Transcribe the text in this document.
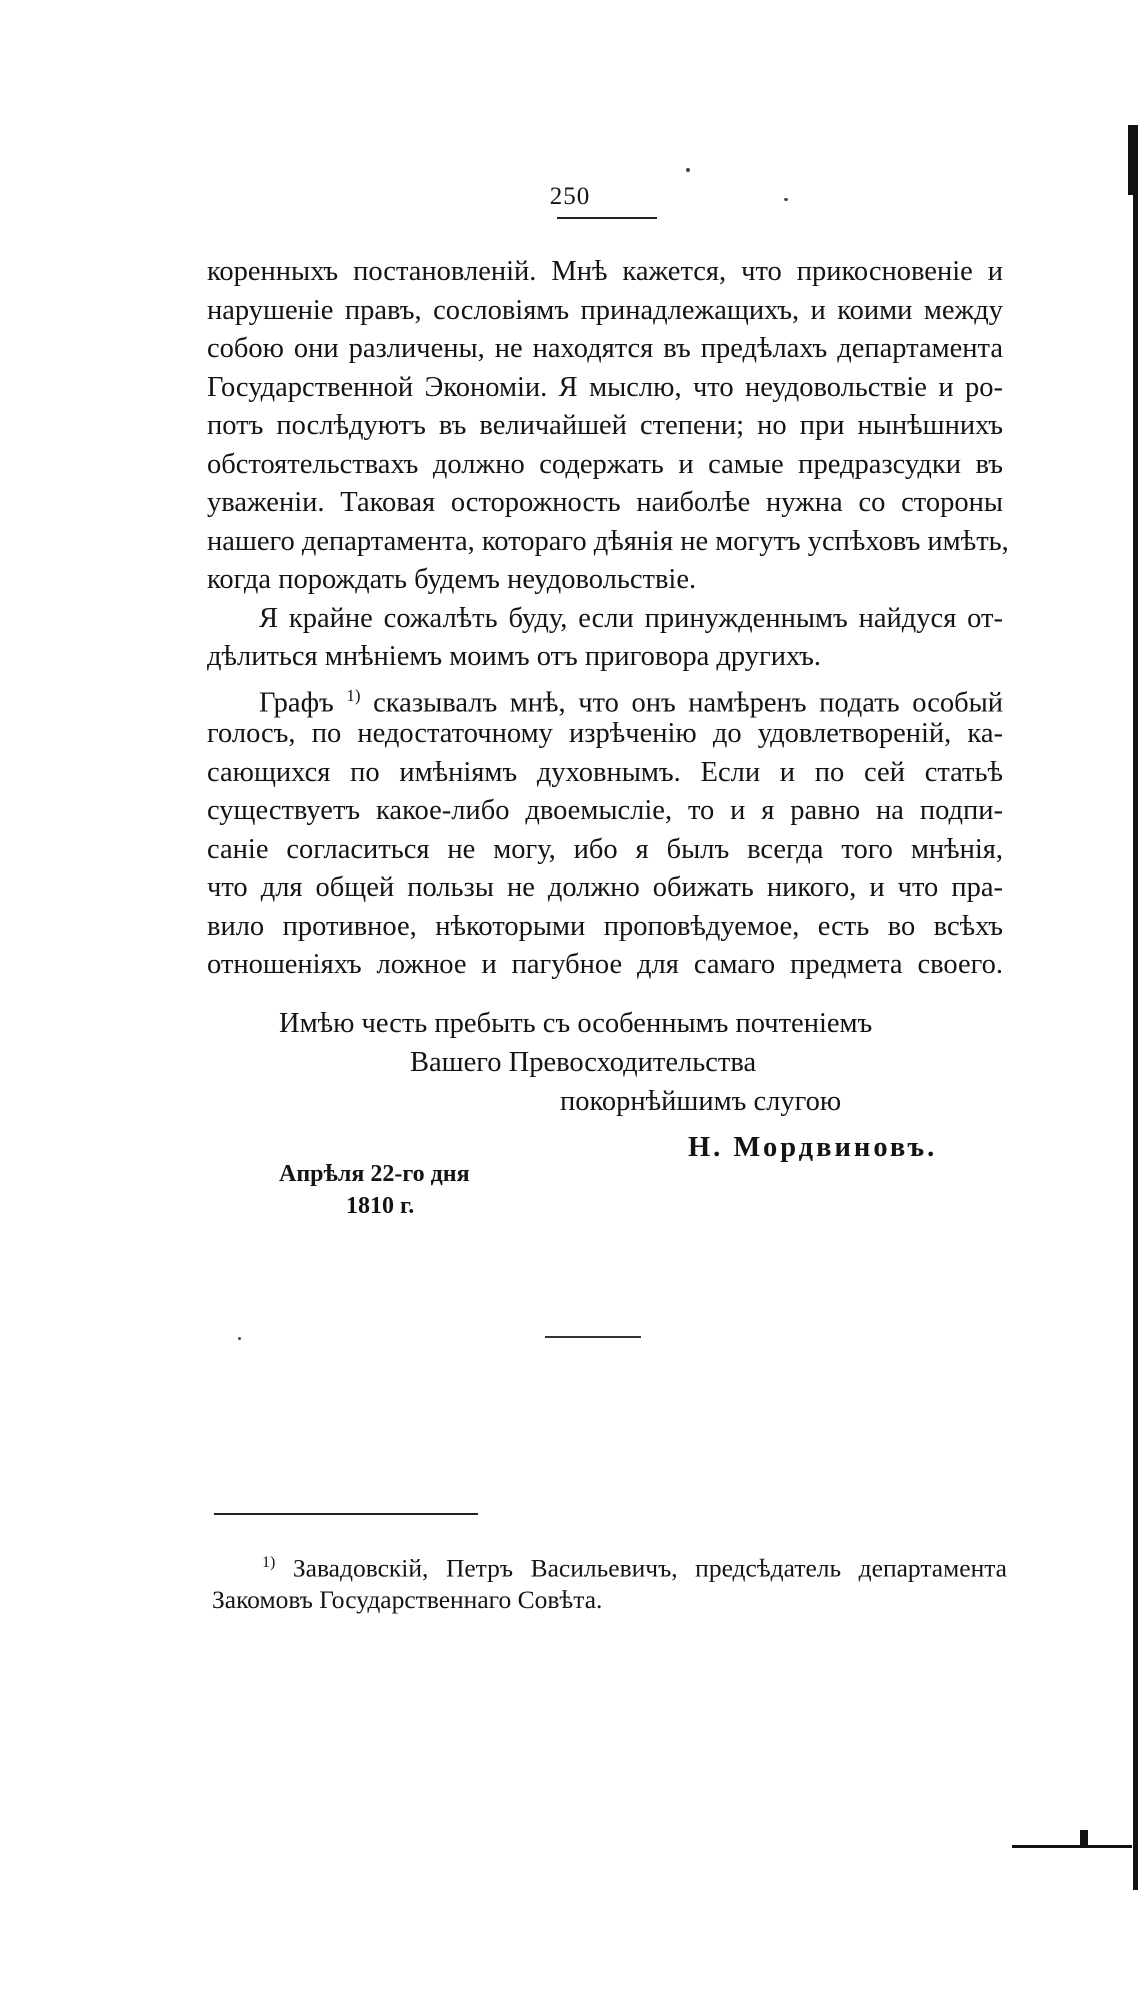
250
коренныхъ постановленій. Мнѣ кажется, что прикосновеніе и
нарушеніе правъ, сословіямъ принадлежащихъ, и коими между
собою они различены, не находятся въ предѣлахъ департамента
Государственной Экономіи. Я мыслю, что неудовольствіе и ро-
потъ послѣдуютъ въ величайшей степени; но при нынѣшнихъ
обстоятельствахъ должно содержать и самые предразсудки въ
уваженіи. Таковая осторожность наиболѣе нужна со стороны
нашего департамента, котораго дѣянія не могутъ успѣховъ имѣть,
когда порождать будемъ неудовольствіе.
Я крайне сожалѣть буду, если принужденнымъ найдуся от-
дѣлиться мнѣніемъ моимъ отъ приговора другихъ.
Графъ $^{1)}$ сказывалъ мнѣ, что онъ намѣренъ подать особый
голосъ, по недостаточному изрѣченію до удовлетвореній, ка-
сающихся по имѣніямъ духовнымъ. Если и по сей статьѣ
существуетъ какое-либо двоемысліе, то и я равно на подпи-
саніе согласиться не могу, ибо я былъ всегда того мнѣнія,
что для общей пользы не должно обижать никого, и что пра-
вило противное, нѣкоторыми проповѣдуемое, есть во всѣхъ
отношеніяхъ ложное и пагубное для самаго предмета своего.
Имѣю честь пребыть съ особеннымъ почтеніемъ
Вашего Превосходительства
покорнѣйшимъ слугою
Н. Мордвиновъ.
Апрѣля 22-го дня
1810 г.
$^{1)}$ Завадовскій, Петръ Васильевичъ, предсѣдатель департамента
Закомовъ Государственнаго Совѣта.
